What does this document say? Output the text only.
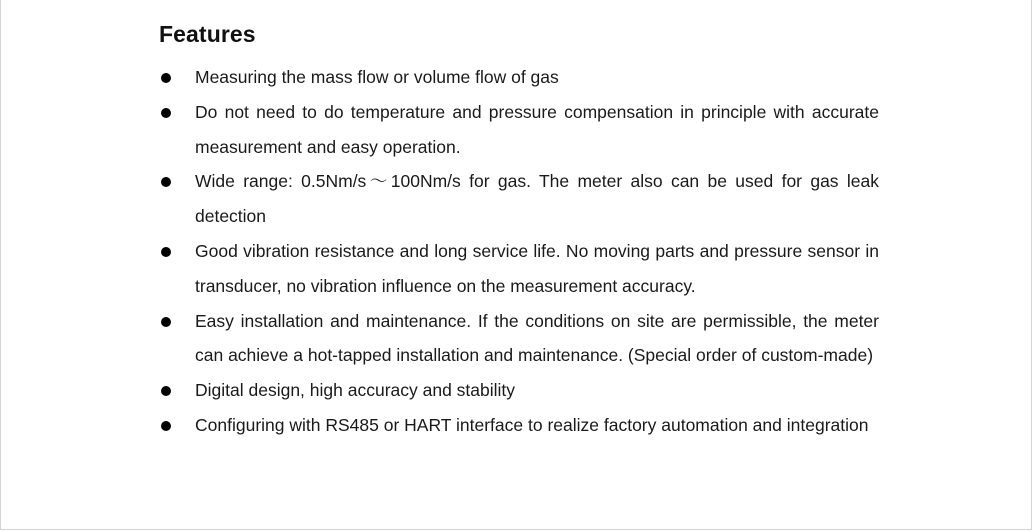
Features
Measuring the mass flow or volume flow of gas
Do not need to do temperature and pressure compensation in principle with accurate measurement and easy operation.
Wide range: 0.5Nm/s～100Nm/s for gas. The meter also can be used for gas leak detection
Good vibration resistance and long service life. No moving parts and pressure sensor in transducer, no vibration influence on the measurement accuracy.
Easy installation and maintenance. If the conditions on site are permissible, the meter can achieve a hot-tapped installation and maintenance. (Special order of custom-made)
Digital design, high accuracy and stability
Configuring with RS485 or HART interface to realize factory automation and integration
